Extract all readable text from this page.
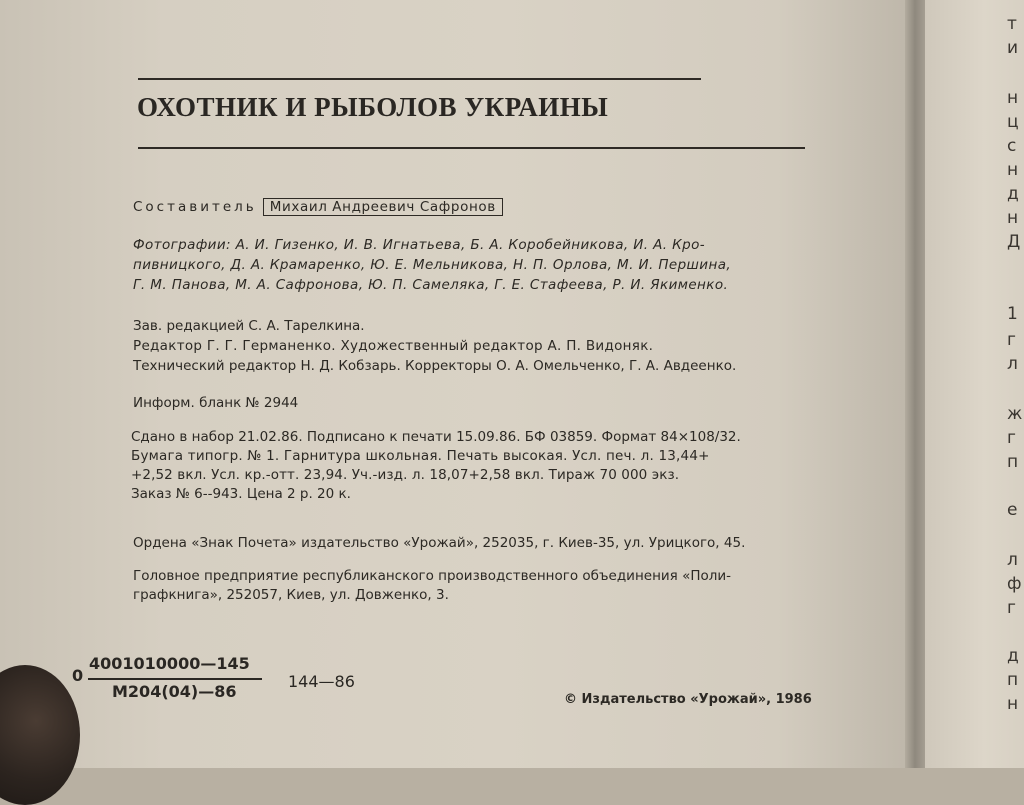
ОХОТНИК И РЫБОЛОВ УКРАИНЫ
Составитель Михаил Андреевич Сафронов
Фотографии: А. И. Гизенко, И. В. Игнатьева, Б. А. Коробейникова, И. А. Кро-
пивницкого, Д. А. Крамаренко, Ю. Е. Мельникова, Н. П. Орлова, М. И. Першина,
Г. М. Панова, М. А. Сафронова, Ю. П. Самеляка, Г. Е. Стафеева, Р. И. Якименко.
Зав. редакцией С. А. Тарелкина.
Редактор Г. Г. Германенко. Художественный редактор А. П. Видоняк.
Технический редактор Н. Д. Кобзарь. Корректоры О. А. Омельченко, Г. А. Авдеенко.
Информ. бланк № 2944
Сдано в набор 21.02.86. Подписано к печати 15.09.86. БФ 03859. Формат 84×108/32.
Бумага типогр. № 1. Гарнитура школьная. Печать высокая. Усл. печ. л. 13,44+
+2,52 вкл. Усл. кр.-отт. 23,94. Уч.-изд. л. 18,07+2,58 вкл. Тираж 70 000 экз.
Заказ № 6--943. Цена 2 р. 20 к.
Ордена «Знак Почета» издательство «Урожай», 252035, г. Киев-35, ул. Урицкого, 45.
Головное предприятие республиканского производственного объединения «Поли-
графкнига», 252057, Киев, ул. Довженко, 3.
0
4001010000—145
М204(04)—86
144—86
© Издательство «Урожай», 1986
т
и
н
ц
с
н
д
н
Д
1
г
л
ж
г
п
е
л
ф
г
д
п
н
